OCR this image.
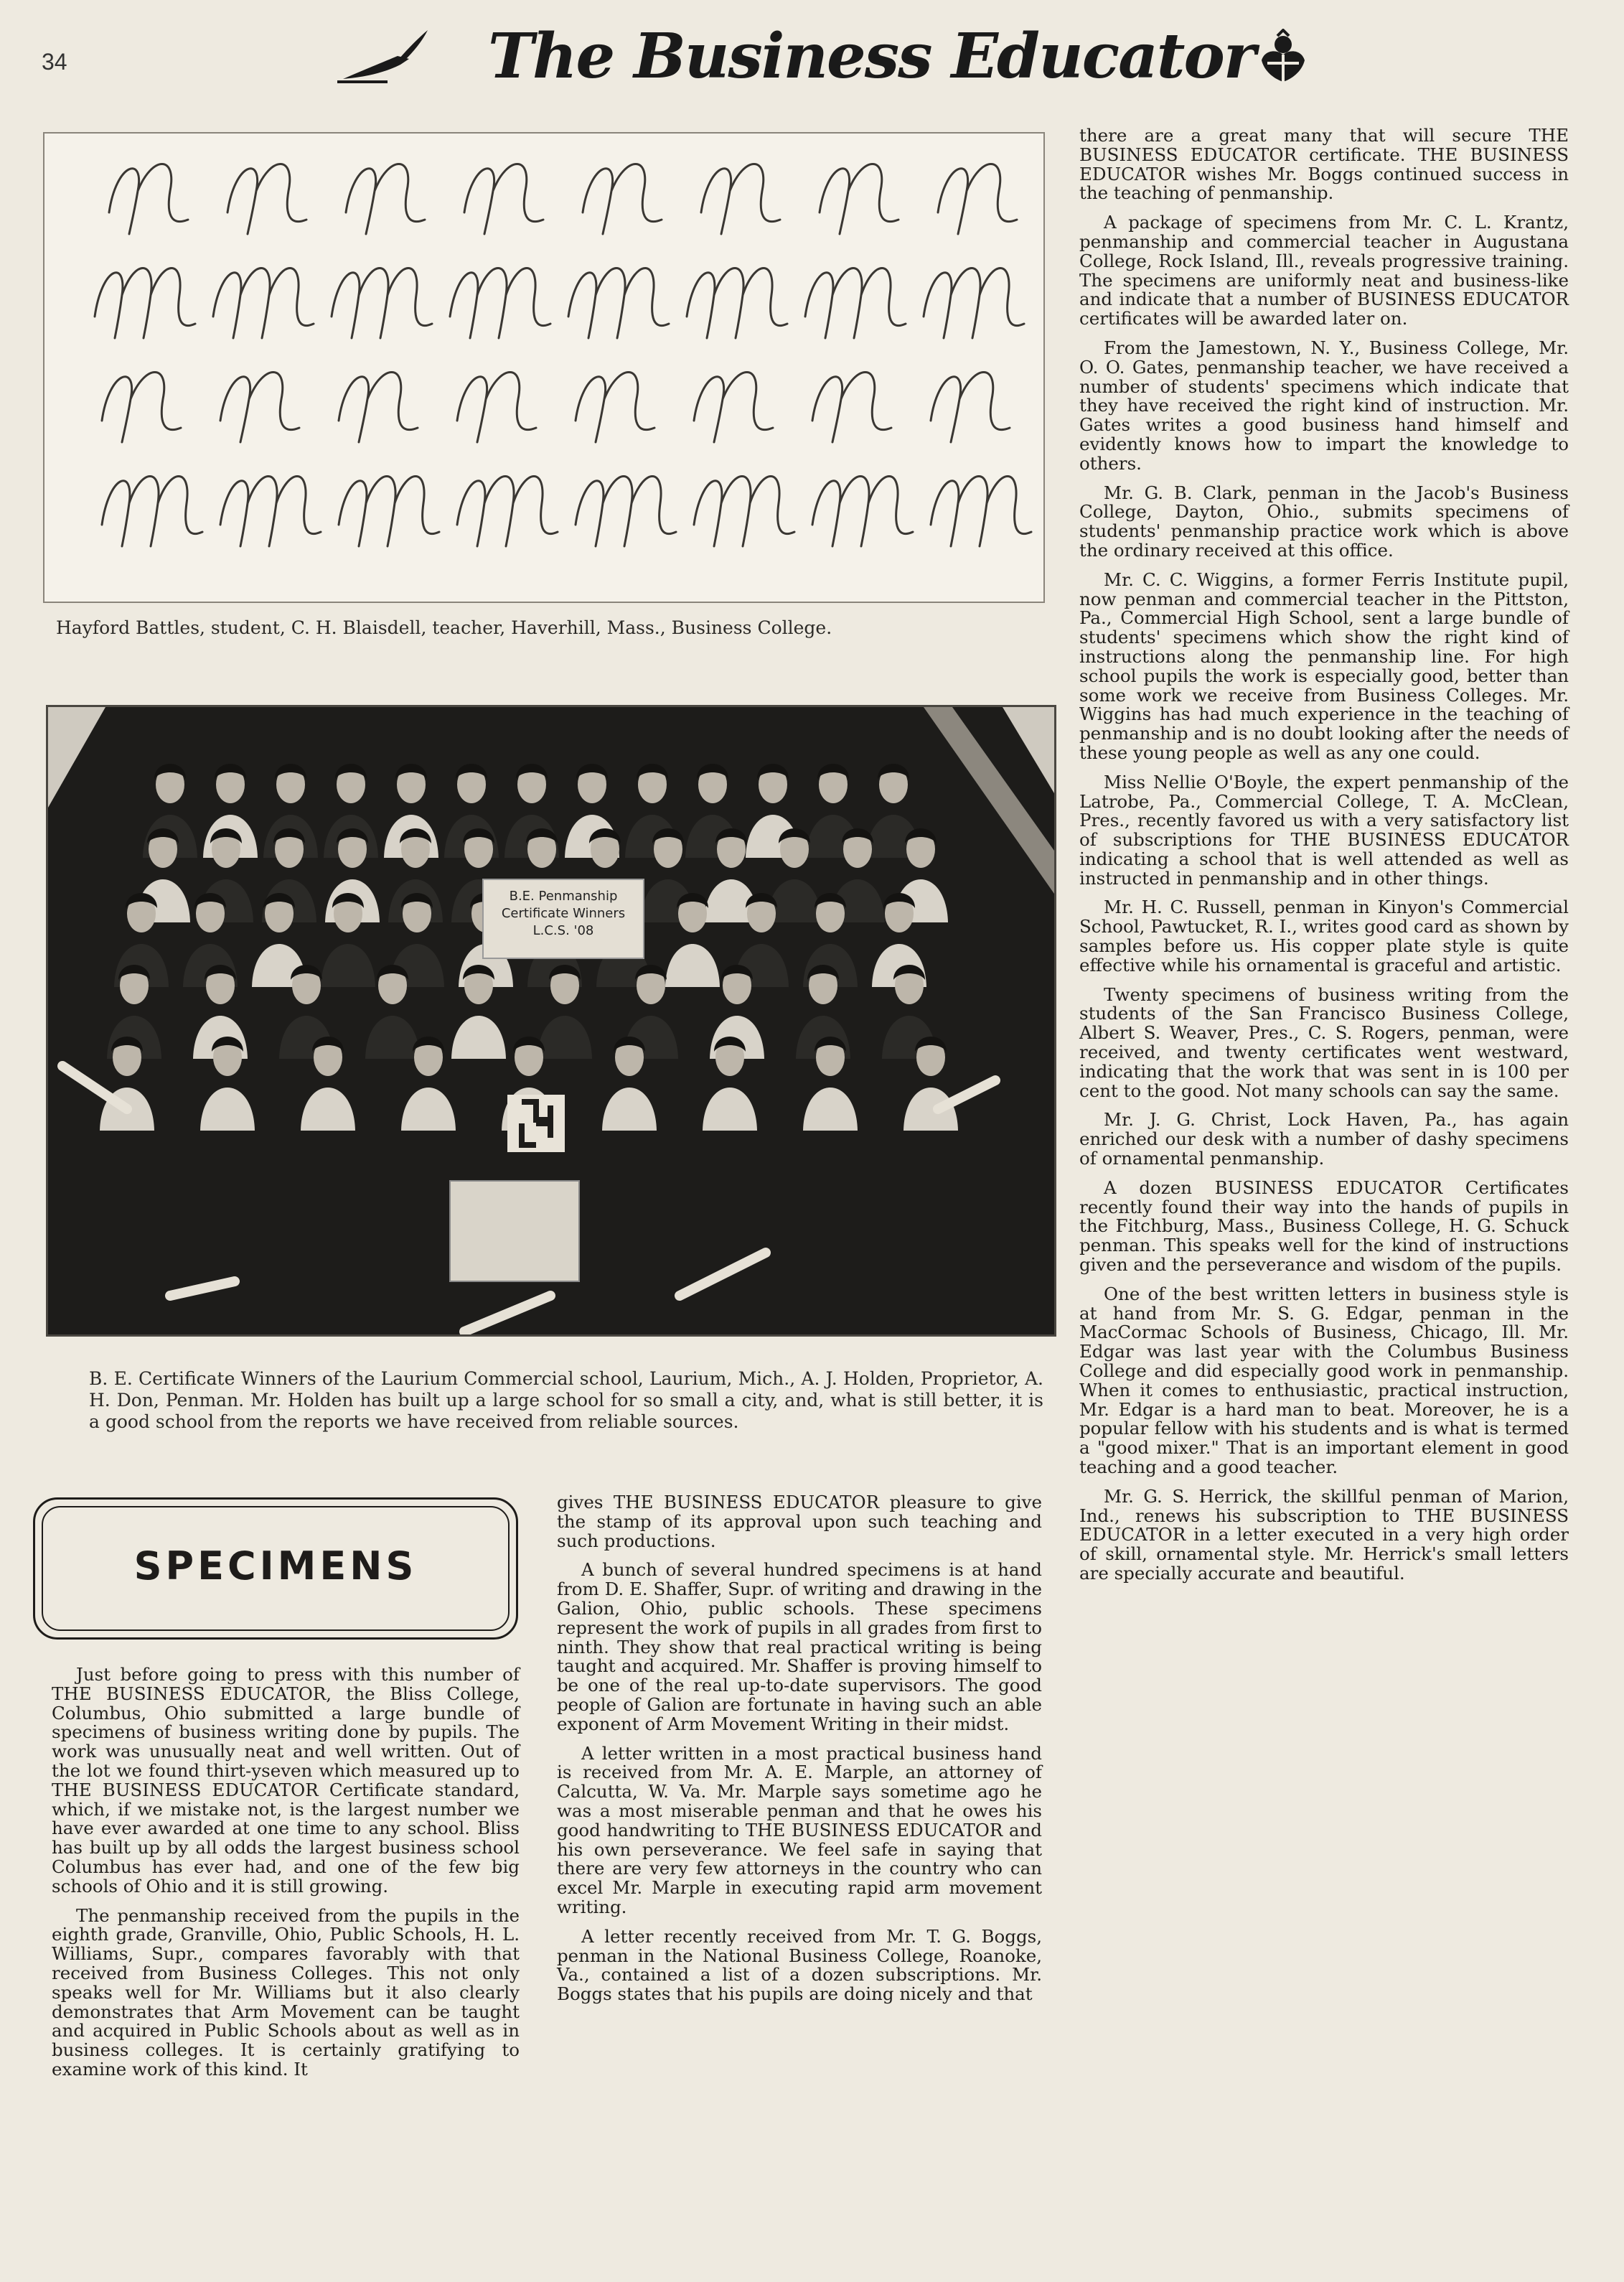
34	The Business Educator
Hayford Battles, student, C. H. Blaisdell, teacher, Haverhill, Mass., Business College.
B.E. Penmanship
Certificate Winners
L.C.S. '08
B. E. Certificate Winners of the Laurium Commercial school, Laurium, Mich., A. J. Holden, Proprietor, A. H. Don, Penman. Mr. Holden has built up a large school for so small a city, and, what is still better, it is a good school from the reports we have received from reliable sources.
SPECIMENS

Just before going to press with this number of THE BUSINESS EDUCATOR, the Bliss College, Columbus, Ohio submitted a large bundle of specimens of business writing done by pupils. The work was unusually neat and well written. Out of the lot we found thirt-yseven which measured up to THE BUSINESS EDUCATOR Certificate standard, which, if we mistake not, is the largest number we have ever awarded at one time to any school. Bliss has built up by all odds the largest business school Columbus has ever had, and one of the few big schools of Ohio and it is still growing.

The penmanship received from the pupils in the eighth grade, Granville, Ohio, Public Schools, H. L. Williams, Supr., compares favorably with that received from Business Colleges. This not only speaks well for Mr. Williams but it also clearly demonstrates that Arm Movement can be taught and acquired in Public Schools about as well as in business colleges. It is certainly gratifying to examine work of this kind. It

gives THE BUSINESS EDUCATOR pleasure to give the stamp of its approval upon such teaching and such productions.

A bunch of several hundred specimens is at hand from D. E. Shaffer, Supr. of writing and drawing in the Galion, Ohio, public schools. These specimens represent the work of pupils in all grades from first to ninth. They show that real practical writing is being taught and acquired. Mr. Shaffer is proving himself to be one of the real up-to-date supervisors. The good people of Galion are fortunate in having such an able exponent of Arm Movement Writing in their midst.

A letter written in a most practical business hand is received from Mr. A. E. Marple, an attorney of Calcutta, W. Va. Mr. Marple says sometime ago he was a most miserable penman and that he owes his good handwriting to THE BUSINESS EDUCATOR and his own perseverance. We feel safe in saying that there are very few attorneys in the country who can excel Mr. Marple in executing rapid arm movement writing.

A letter recently received from Mr. T. G. Boggs, penman in the National Business College, Roanoke, Va., contained a list of a dozen subscriptions. Mr. Boggs states that his pupils are doing nicely and that

there are a great many that will secure THE BUSINESS EDUCATOR certificate. THE BUSINESS EDUCATOR wishes Mr. Boggs continued success in the teaching of penmanship.

A package of specimens from Mr. C. L. Krantz, penmanship and commercial teacher in Augustana College, Rock Island, Ill., reveals progressive training. The specimens are uniformly neat and business-like and indicate that a number of BUSINESS EDUCATOR certificates will be awarded later on.

From the Jamestown, N. Y., Business College, Mr. O. O. Gates, penmanship teacher, we have received a number of students' specimens which indicate that they have received the right kind of instruction. Mr. Gates writes a good business hand himself and evidently knows how to impart the knowledge to others.

Mr. G. B. Clark, penman in the Jacob's Business College, Dayton, Ohio., submits specimens of students' penmanship practice work which is above the ordinary received at this office.

Mr. C. C. Wiggins, a former Ferris Institute pupil, now penman and commercial teacher in the Pittston, Pa., Commercial High School, sent a large bundle of students' specimens which show the right kind of instructions along the penmanship line. For high school pupils the work is especially good, better than some work we receive from Business Colleges. Mr. Wiggins has had much experience in the teaching of penmanship and is no doubt looking after the needs of these young people as well as any one could.

Miss Nellie O'Boyle, the expert penmanship of the Latrobe, Pa., Commercial College, T. A. McClean, Pres., recently favored us with a very satisfactory list of subscriptions for THE BUSINESS EDUCATOR indicating a school that is well attended as well as instructed in penmanship and in other things.

Mr. H. C. Russell, penman in Kinyon's Commercial School, Pawtucket, R. I., writes good card as shown by samples before us. His copper plate style is quite effective while his ornamental is graceful and artistic.

Twenty specimens of business writing from the students of the San Francisco Business College, Albert S. Weaver, Pres., C. S. Rogers, penman, were received, and twenty certificates went westward, indicating that the work that was sent in is 100 per cent to the good. Not many schools can say the same.

Mr. J. G. Christ, Lock Haven, Pa., has again enriched our desk with a number of dashy specimens of ornamental penmanship.

A dozen BUSINESS EDUCATOR Certificates recently found their way into the hands of pupils in the Fitchburg, Mass., Business College, H. G. Schuck penman. This speaks well for the kind of instructions given and the perseverance and wisdom of the pupils.

One of the best written letters in business style is at hand from Mr. S. G. Edgar, penman in the MacCormac Schools of Business, Chicago, Ill. Mr. Edgar was last year with the Columbus Business College and did especially good work in penmanship. When it comes to enthusiastic, practical instruction, Mr. Edgar is a hard man to beat. Moreover, he is a popular fellow with his students and is what is termed a "good mixer." That is an important element in good teaching and a good teacher.

Mr. G. S. Herrick, the skillful penman of Marion, Ind., renews his subscription to THE BUSINESS EDUCATOR in a letter executed in a very high order of skill, ornamental style. Mr. Herrick's small letters are specially accurate and beautiful.
